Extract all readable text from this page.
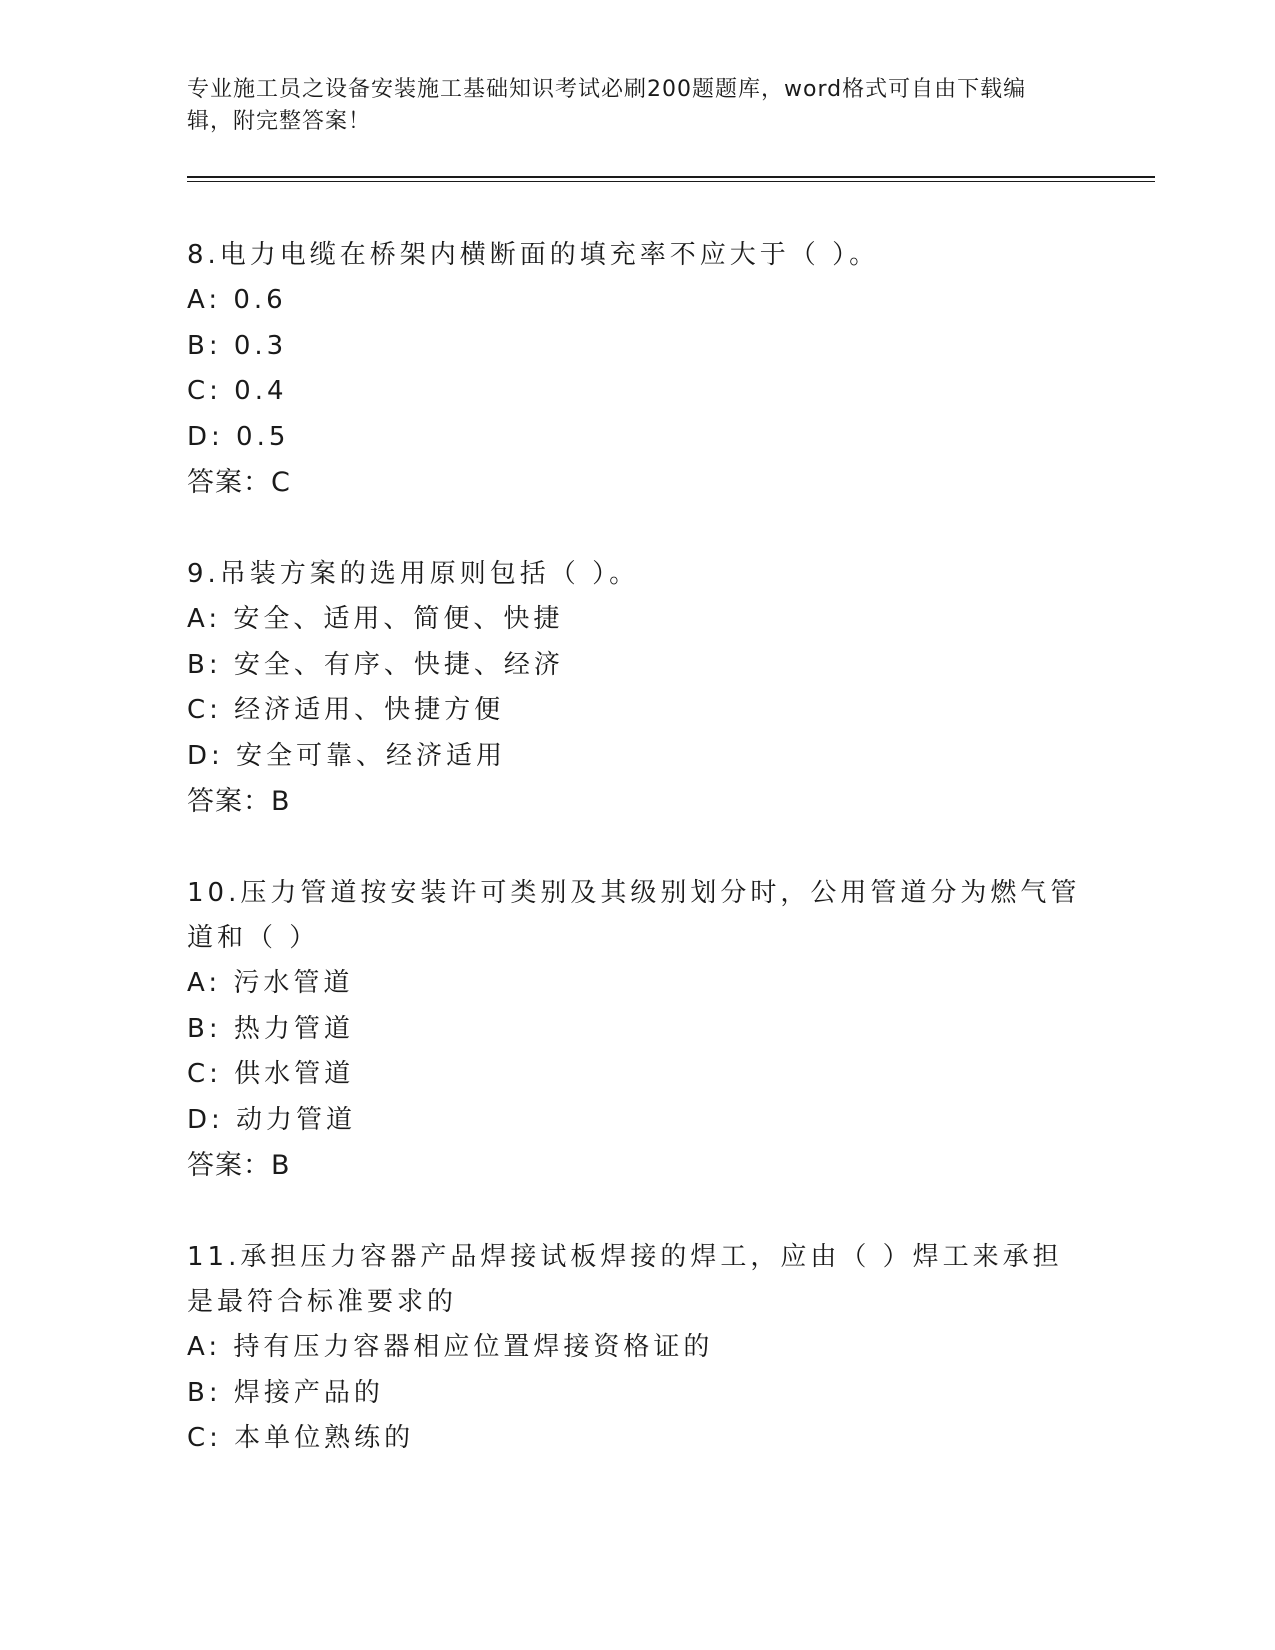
专业施工员之设备安装施工基础知识考试必刷200题题库，word格式可自由下载编辑，附完整答案！
8.电力电缆在桥架内横断面的填充率不应大于（ ）。
A: 0.6
B: 0.3
C: 0.4
D: 0.5
答案：C
9.吊装方案的选用原则包括（ ）。
A: 安全、适用、简便、快捷
B: 安全、有序、快捷、经济
C: 经济适用、快捷方便
D: 安全可靠、经济适用
答案：B
10.压力管道按安装许可类别及其级别划分时，公用管道分为燃气管道和（ ）
A: 污水管道
B: 热力管道
C: 供水管道
D: 动力管道
答案：B
11.承担压力容器产品焊接试板焊接的焊工，应由（ ）焊工来承担是最符合标准要求的
A: 持有压力容器相应位置焊接资格证的
B: 焊接产品的
C: 本单位熟练的
